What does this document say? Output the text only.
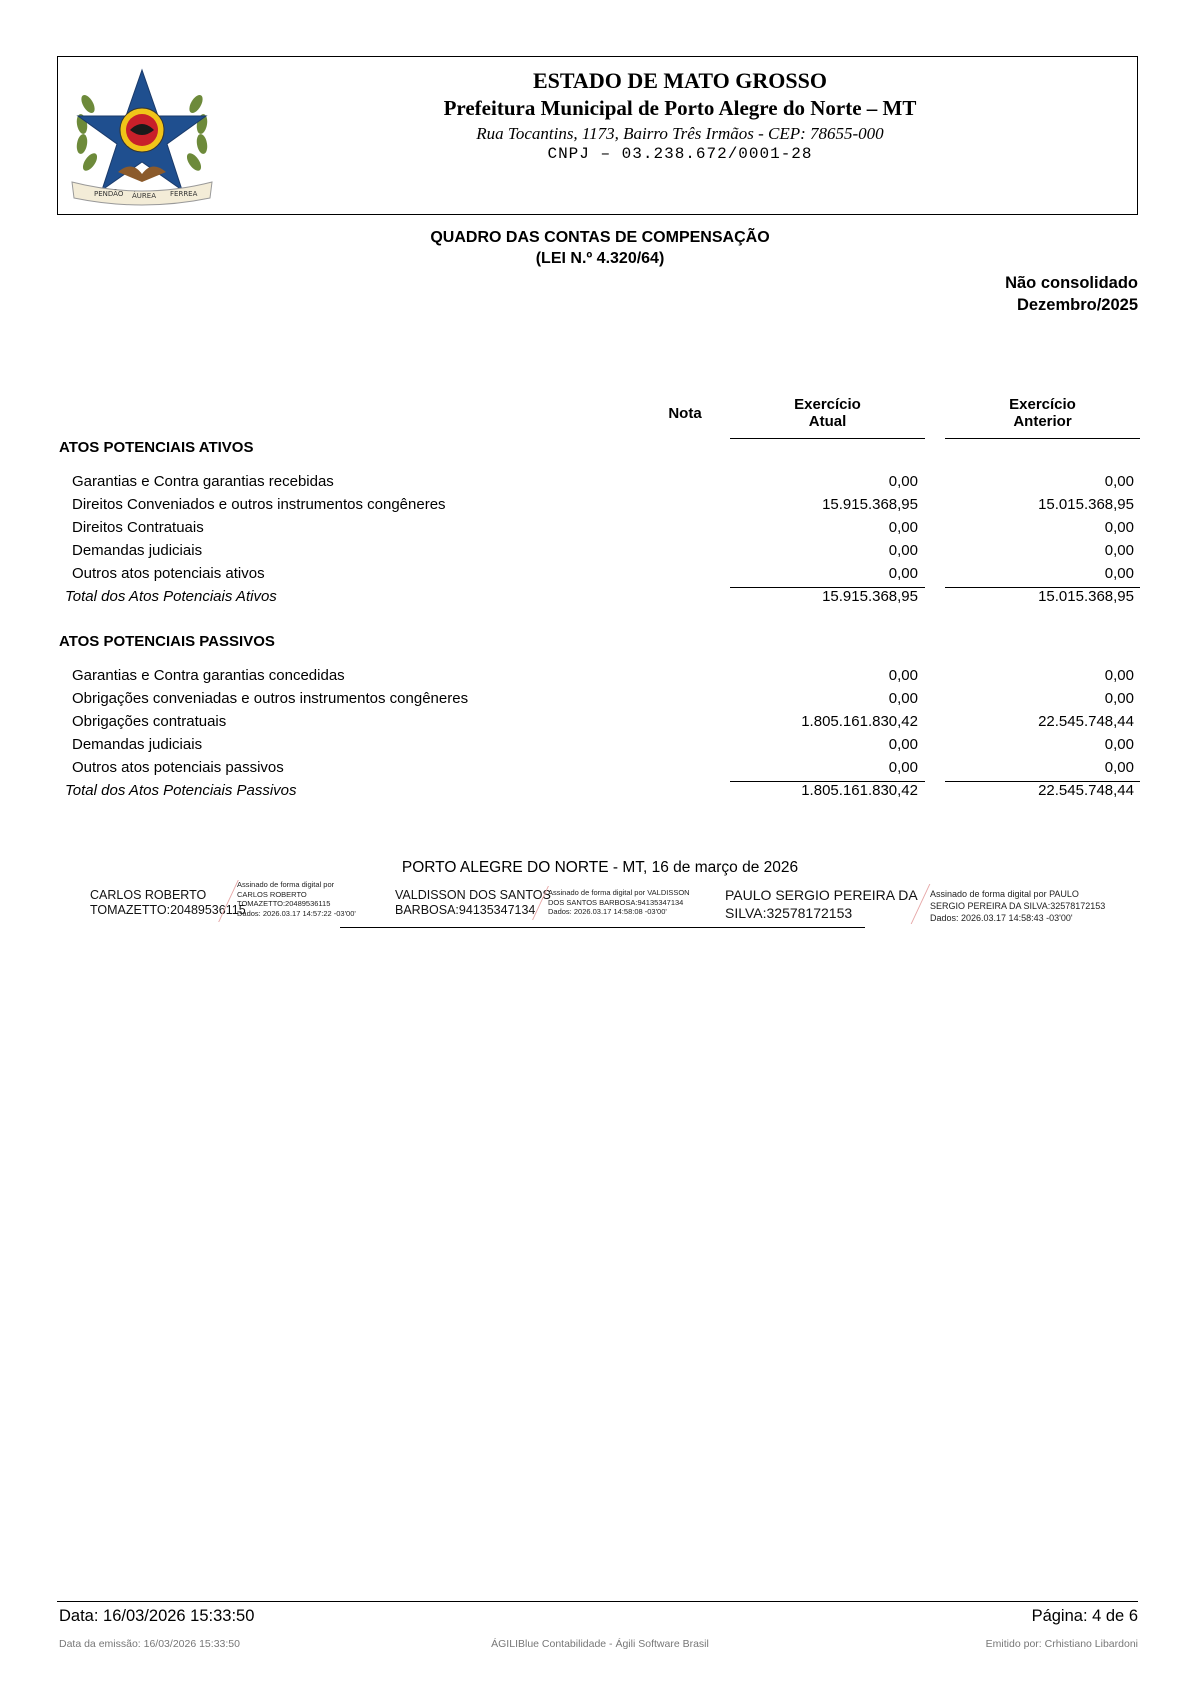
PENDÃO ÁUREA FERREA
ESTADO DE MATO GROSSO
Prefeitura Municipal de Porto Alegre do Norte – MT
Rua Tocantins, 1173, Bairro Três Irmãos - CEP: 78655-000
CNPJ – 03.238.672/0001-28
QUADRO DAS CONTAS DE COMPENSAÇÃO
(LEI N.º 4.320/64)
Não consolidado
Dezembro/2025
Nota
Exercício
Atual
Exercício
Anterior
ATOS POTENCIAIS ATIVOS
Garantias e Contra garantias recebidas	0,00	0,00
Direitos Conveniados e outros instrumentos congêneres	15.915.368,95	15.015.368,95
Direitos Contratuais	0,00	0,00
Demandas judiciais	0,00	0,00
Outros atos potenciais ativos	0,00	0,00
Total dos Atos Potenciais Ativos	15.915.368,95	15.015.368,95
ATOS POTENCIAIS PASSIVOS
Garantias e Contra garantias concedidas	0,00	0,00
Obrigações conveniadas e outros instrumentos congêneres	0,00	0,00
Obrigações contratuais	1.805.161.830,42	22.545.748,44
Demandas judiciais	0,00	0,00
Outros atos potenciais passivos	0,00	0,00
Total dos Atos Potenciais Passivos	1.805.161.830,42	22.545.748,44
PORTO ALEGRE DO NORTE - MT, 16 de março de 2026
CARLOS ROBERTO
TOMAZETTO:20489536115
Assinado de forma digital por
CARLOS ROBERTO
TOMAZETTO:20489536115
Dados: 2026.03.17 14:57:22 -03'00'
VALDISSON DOS SANTOS
BARBOSA:94135347134
Assinado de forma digital por VALDISSON
DOS SANTOS BARBOSA:94135347134
Dados: 2026.03.17 14:58:08 -03'00'
PAULO SERGIO PEREIRA DA
SILVA:32578172153
Assinado de forma digital por PAULO
SERGIO PEREIRA DA SILVA:32578172153
Dados: 2026.03.17 14:58:43 -03'00'
Data: 16/03/2026 15:33:50	Página: 4 de 6
Data da emissão: 16/03/2026 15:33:50	ÁGILIBlue Contabilidade - Ágili Software Brasil	Emitido por: Crhistiano Libardoni
